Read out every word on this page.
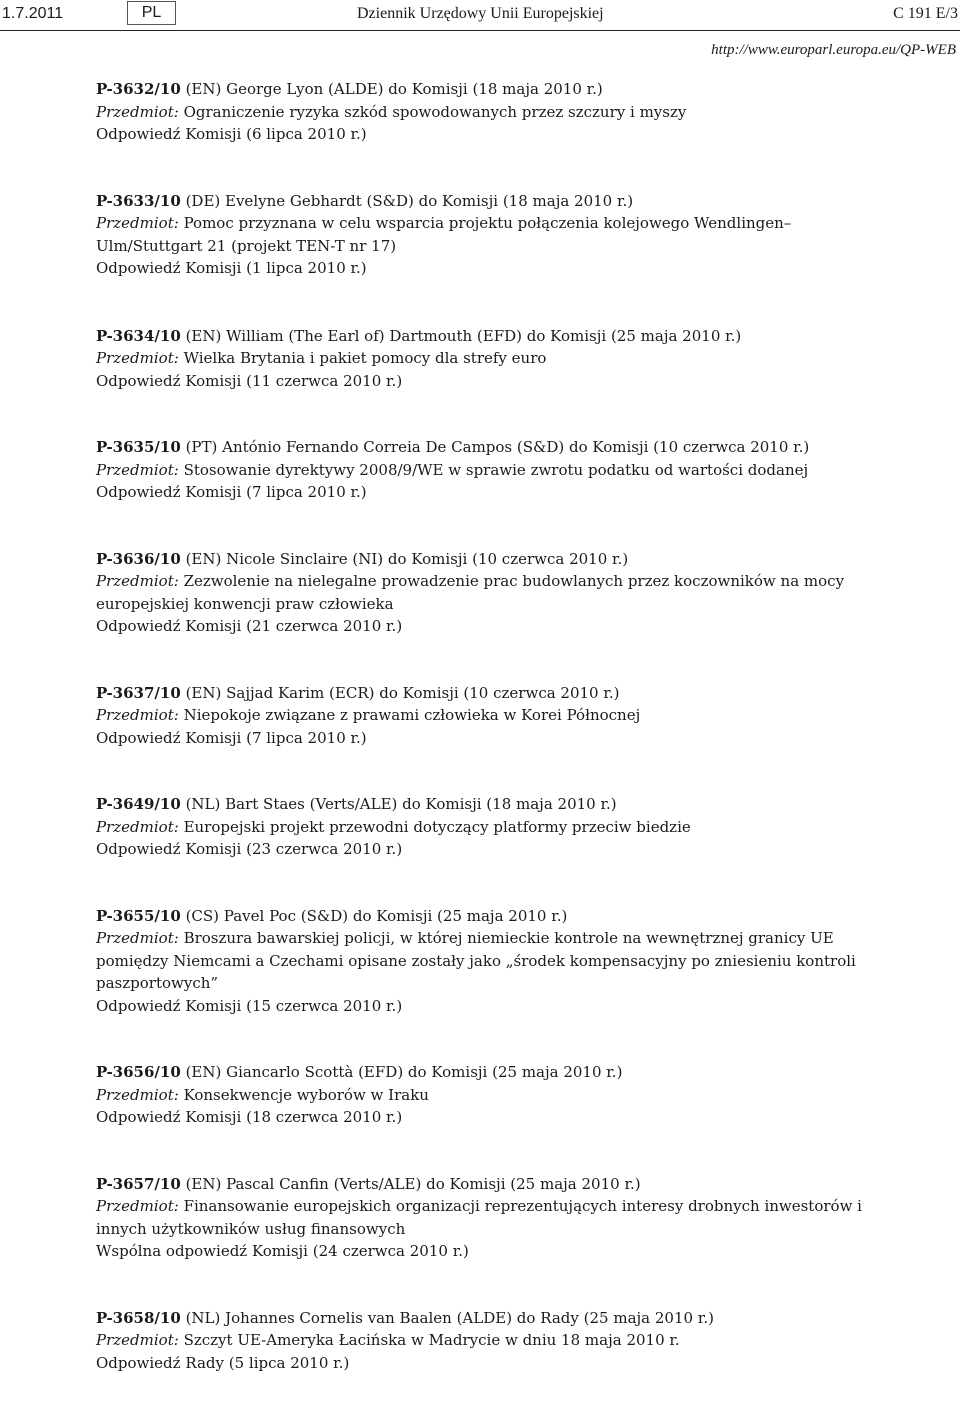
1.7.2011	PL	Dziennik Urzędowy Unii Europejskiej	C 191 E/3
http://www.europarl.europa.eu/QP-WEB
P-3632/10 (EN) George Lyon (ALDE) do Komisji (18 maja 2010 r.)
Przedmiot: Ograniczenie ryzyka szkód spowodowanych przez szczury i myszy
Odpowiedź Komisji (6 lipca 2010 r.)
P-3633/10 (DE) Evelyne Gebhardt (S&D) do Komisji (18 maja 2010 r.)
Przedmiot: Pomoc przyznana w celu wsparcia projektu połączenia kolejowego Wendlingen–
Ulm/Stuttgart 21 (projekt TEN-T nr 17)
Odpowiedź Komisji (1 lipca 2010 r.)
P-3634/10 (EN) William (The Earl of) Dartmouth (EFD) do Komisji (25 maja 2010 r.)
Przedmiot: Wielka Brytania i pakiet pomocy dla strefy euro
Odpowiedź Komisji (11 czerwca 2010 r.)
P-3635/10 (PT) António Fernando Correia De Campos (S&D) do Komisji (10 czerwca 2010 r.)
Przedmiot: Stosowanie dyrektywy 2008/9/WE w sprawie zwrotu podatku od wartości dodanej
Odpowiedź Komisji (7 lipca 2010 r.)
P-3636/10 (EN) Nicole Sinclaire (NI) do Komisji (10 czerwca 2010 r.)
Przedmiot: Zezwolenie na nielegalne prowadzenie prac budowlanych przez koczowników na mocy
europejskiej konwencji praw człowieka
Odpowiedź Komisji (21 czerwca 2010 r.)
P-3637/10 (EN) Sajjad Karim (ECR) do Komisji (10 czerwca 2010 r.)
Przedmiot: Niepokoje związane z prawami człowieka w Korei Północnej
Odpowiedź Komisji (7 lipca 2010 r.)
P-3649/10 (NL) Bart Staes (Verts/ALE) do Komisji (18 maja 2010 r.)
Przedmiot: Europejski projekt przewodni dotyczący platformy przeciw biedzie
Odpowiedź Komisji (23 czerwca 2010 r.)
P-3655/10 (CS) Pavel Poc (S&D) do Komisji (25 maja 2010 r.)
Przedmiot: Broszura bawarskiej policji, w której niemieckie kontrole na wewnętrznej granicy UE
pomiędzy Niemcami a Czechami opisane zostały jako „środek kompensacyjny po zniesieniu kontroli
paszportowych”
Odpowiedź Komisji (15 czerwca 2010 r.)
P-3656/10 (EN) Giancarlo Scottà (EFD) do Komisji (25 maja 2010 r.)
Przedmiot: Konsekwencje wyborów w Iraku
Odpowiedź Komisji (18 czerwca 2010 r.)
P-3657/10 (EN) Pascal Canfin (Verts/ALE) do Komisji (25 maja 2010 r.)
Przedmiot: Finansowanie europejskich organizacji reprezentujących interesy drobnych inwestorów i
innych użytkowników usług finansowych
Wspólna odpowiedź Komisji (24 czerwca 2010 r.)
P-3658/10 (NL) Johannes Cornelis van Baalen (ALDE) do Rady (25 maja 2010 r.)
Przedmiot: Szczyt UE-Ameryka Łacińska w Madrycie w dniu 18 maja 2010 r.
Odpowiedź Rady (5 lipca 2010 r.)
